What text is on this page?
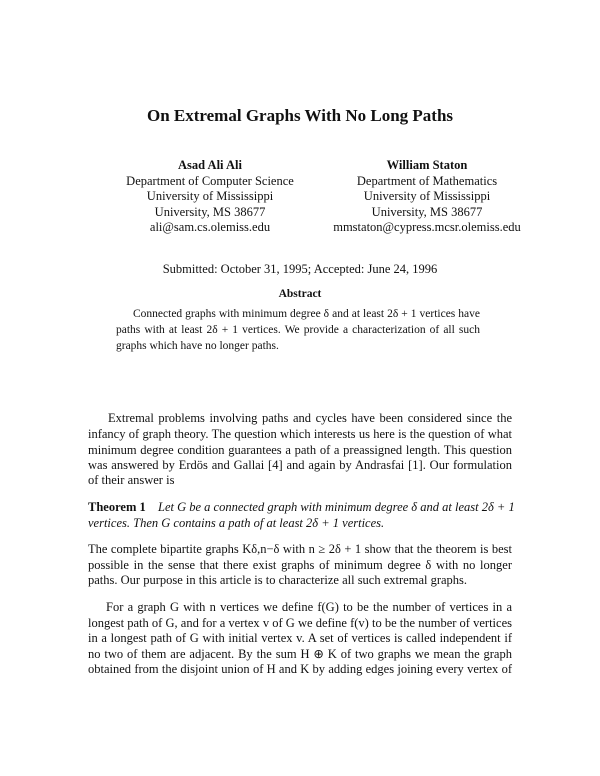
On Extremal Graphs With No Long Paths
Asad Ali Ali
Department of Computer Science
University of Mississippi
University, MS 38677
ali@sam.cs.olemiss.edu
William Staton
Department of Mathematics
University of Mississippi
University, MS 38677
mmstaton@cypress.mcsr.olemiss.edu
Submitted: October 31, 1995; Accepted: June 24, 1996
Abstract
Connected graphs with minimum degree δ and at least 2δ + 1 vertices have
paths with at least 2δ + 1 vertices. We provide a characterization of all such
graphs which have no longer paths.
Extremal problems involving paths and cycles have been considered since the
infancy of graph theory. The question which interests us here is the question of what
minimum degree condition guarantees a path of a preassigned length. This question
was answered by Erdös and Gallai [4] and again by Andrasfai [1]. Our formulation
of their answer is
Theorem 1 Let G be a connected graph with minimum degree δ and at least 2δ + 1
vertices. Then G contains a path of at least 2δ + 1 vertices.
The complete bipartite graphs Kδ,n−δ with n ≥ 2δ + 1 show that the theorem is best
possible in the sense that there exist graphs of minimum degree δ with no longer
paths. Our purpose in this article is to characterize all such extremal graphs.
For a graph G with n vertices we define f(G) to be the number of vertices in a
longest path of G, and for a vertex v of G we define f(v) to be the number of vertices
in a longest path of G with initial vertex v. A set of vertices is called independent if
no two of them are adjacent. By the sum H ⊕ K of two graphs we mean the graph
obtained from the disjoint union of H and K by adding edges joining every vertex of
